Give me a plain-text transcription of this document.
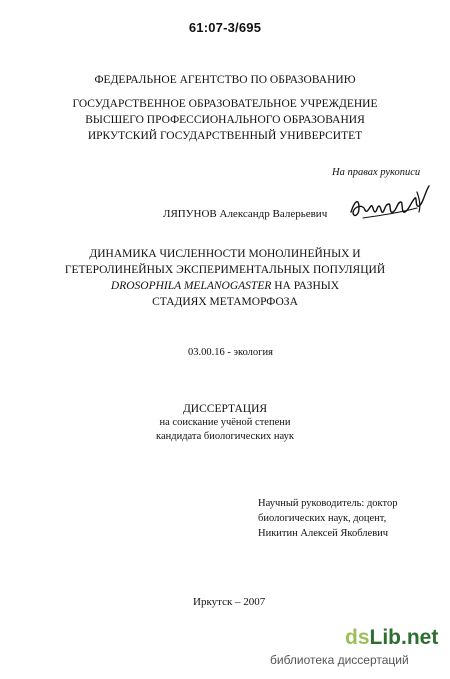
61:07-3/695
ФЕДЕРАЛЬНОЕ АГЕНТСТВО ПО ОБРАЗОВАНИЮ
ГОСУДАРСТВЕННОЕ ОБРАЗОВАТЕЛЬНОЕ УЧРЕЖДЕНИЕ
ВЫСШЕГО ПРОФЕССИОНАЛЬНОГО ОБРАЗОВАНИЯ
ИРКУТСКИЙ ГОСУДАРСТВЕННЫЙ УНИВЕРСИТЕТ
На правах рукописи
ЛЯПУНОВ Александр Валерьевич
ДИНАМИКА ЧИСЛЕННОСТИ МОНОЛИНЕЙНЫХ И
ГЕТЕРОЛИНЕЙНЫХ ЭКСПЕРИМЕНТАЛЬНЫХ ПОПУЛЯЦИЙ
DROSOPHILA MELANOGASTER НА РАЗНЫХ
СТАДИЯХ МЕТАМОРФОЗА
03.00.16 - экология
ДИССЕРТАЦИЯ
на соискание учёной степени
кандидата биологических наук
Научный руководитель: доктор
биологических наук, доцент,
Никитин Алексей Якоблевич
Иркутск – 2007
dsLib.net
библиотека диссертаций
